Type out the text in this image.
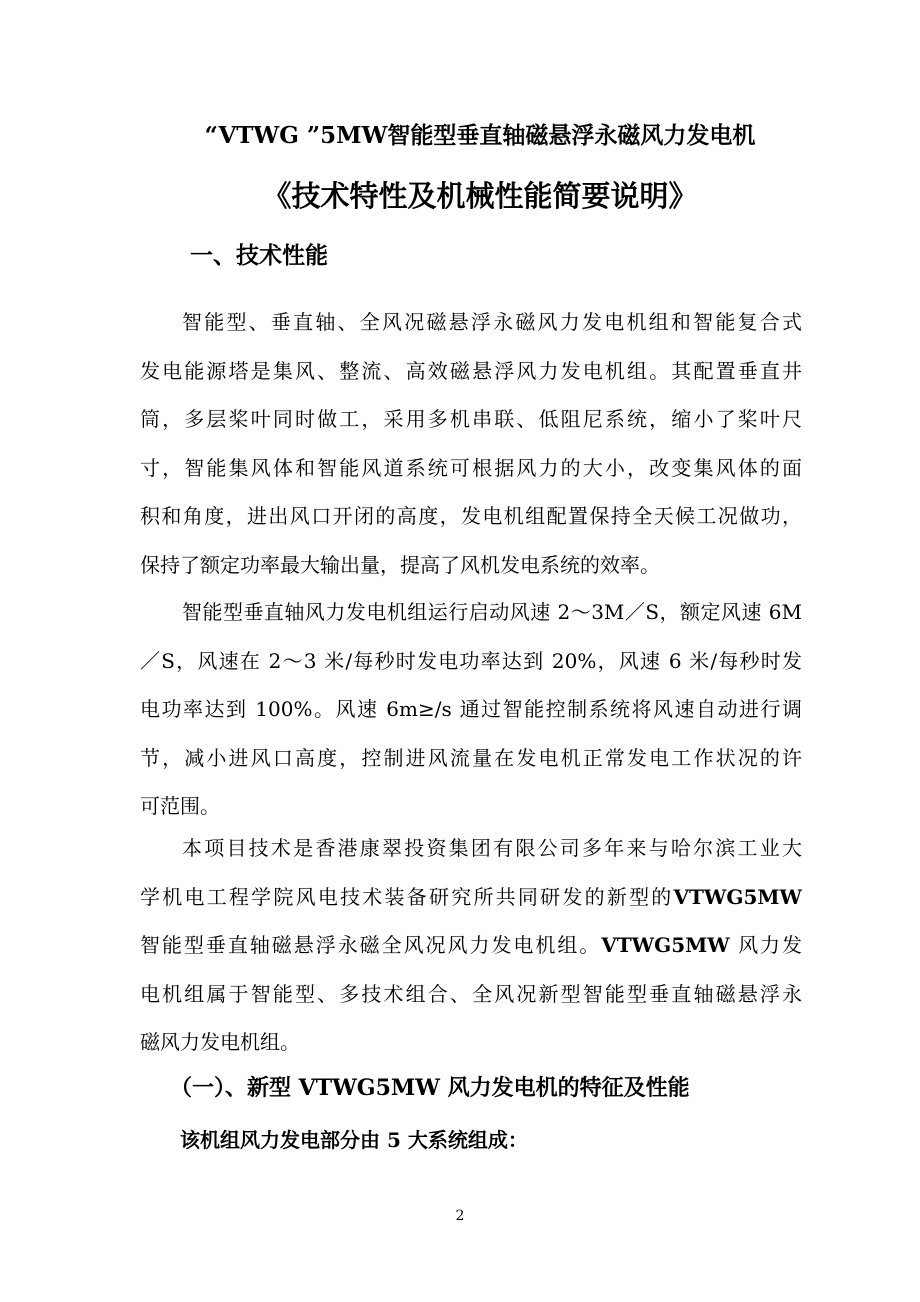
“VTWG ”5MW智能型垂直轴磁悬浮永磁风力发电机
《技术特性及机械性能简要说明》
一、技术性能
智能型、垂直轴、全风况磁悬浮永磁风力发电机组和智能复合式
发电能源塔是集风、整流、高效磁悬浮风力发电机组。其配置垂直井
筒，多层桨叶同时做工，采用多机串联、低阻尼系统，缩小了桨叶尺
寸，智能集风体和智能风道系统可根据风力的大小，改变集风体的面
积和角度，进出风口开闭的高度，发电机组配置保持全天候工况做功，
保持了额定功率最大输出量，提高了风机发电系统的效率。
智能型垂直轴风力发电机组运行启动风速 2～3M／S，额定风速 6M
／S，风速在 2～3 米/每秒时发电功率达到 20%，风速 6 米/每秒时发
电功率达到 100%。风速 6m≥/s 通过智能控制系统将风速自动进行调
节，减小进风口高度，控制进风流量在发电机正常发电工作状况的许
可范围。
本项目技术是香港康翠投资集团有限公司多年来与哈尔滨工业大
学机电工程学院风电技术装备研究所共同研发的新型的VTWG5MW
智能型垂直轴磁悬浮永磁全风况风力发电机组。VTWG5MW 风力发
电机组属于智能型、多技术组合、全风况新型智能型垂直轴磁悬浮永
磁风力发电机组。
（一）、新型 VTWG5MW 风力发电机的特征及性能
该机组风力发电部分由 5 大系统组成：
2
